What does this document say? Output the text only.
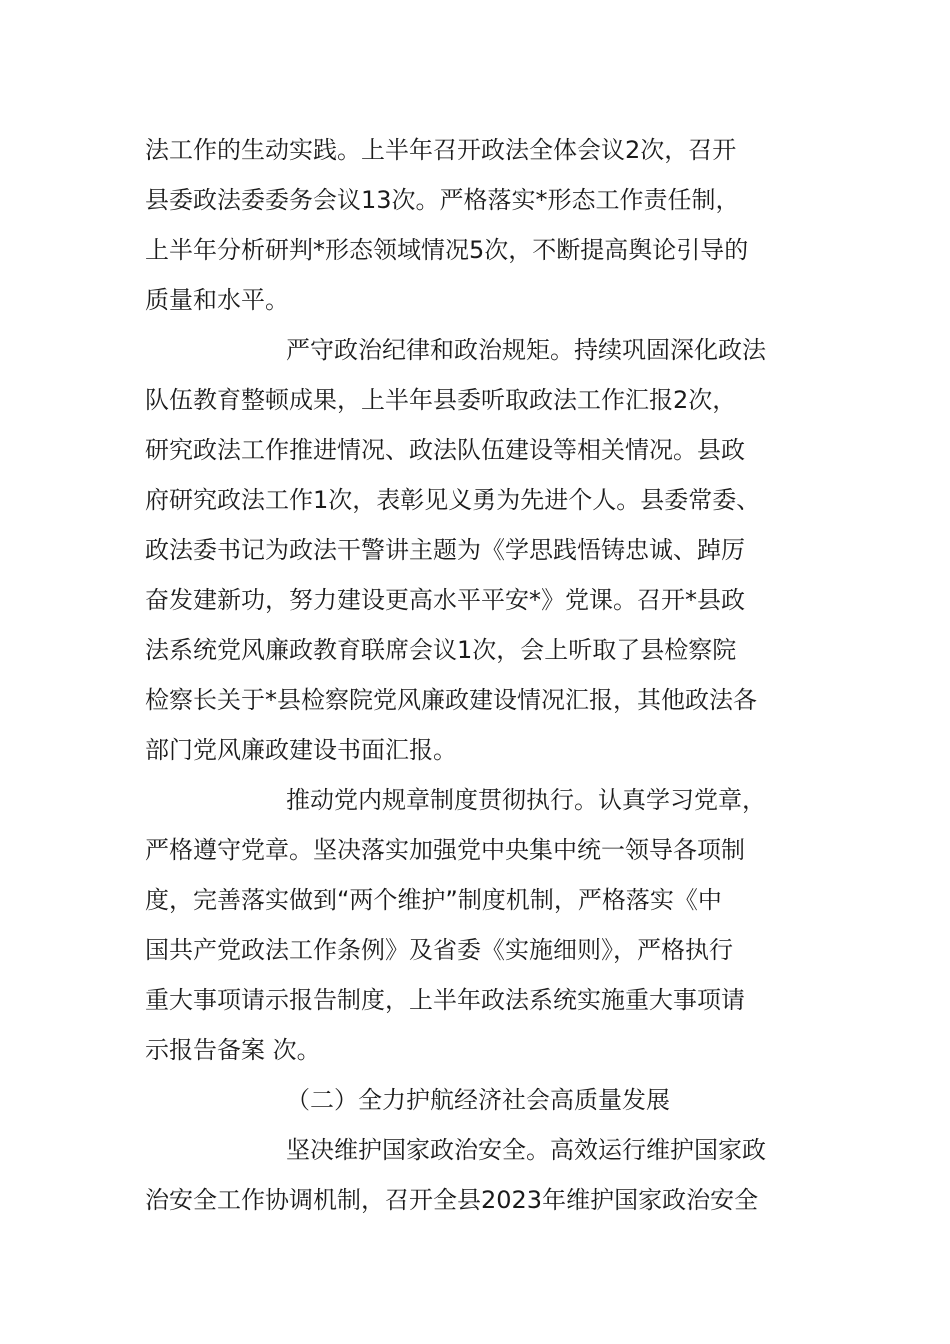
法工作的生动实践。上半年召开政法全体会议2次，召开
县委政法委委务会议13次。严格落实*形态工作责任制，
上半年分析研判*形态领域情况5次，不断提高舆论引导的
质量和水平。
严守政治纪律和政治规矩。持续巩固深化政法
队伍教育整顿成果，上半年县委听取政法工作汇报2次，
研究政法工作推进情况、政法队伍建设等相关情况。县政
府研究政法工作1次，表彰见义勇为先进个人。县委常委、
政法委书记为政法干警讲主题为《学思践悟铸忠诚、踔厉
奋发建新功，努力建设更高水平平安*》党课。召开*县政
法系统党风廉政教育联席会议1次，会上听取了县检察院
检察长关于*县检察院党风廉政建设情况汇报，其他政法各
部门党风廉政建设书面汇报。
推动党内规章制度贯彻执行。认真学习党章，
严格遵守党章。坚决落实加强党中央集中统一领导各项制
度，完善落实做到“两个维护”制度机制，严格落实《中
国共产党政法工作条例》及省委《实施细则》，严格执行
重大事项请示报告制度，上半年政法系统实施重大事项请
示报告备案 次。
（二）全力护航经济社会高质量发展
坚决维护国家政治安全。高效运行维护国家政
治安全工作协调机制，召开全县2023年维护国家政治安全
